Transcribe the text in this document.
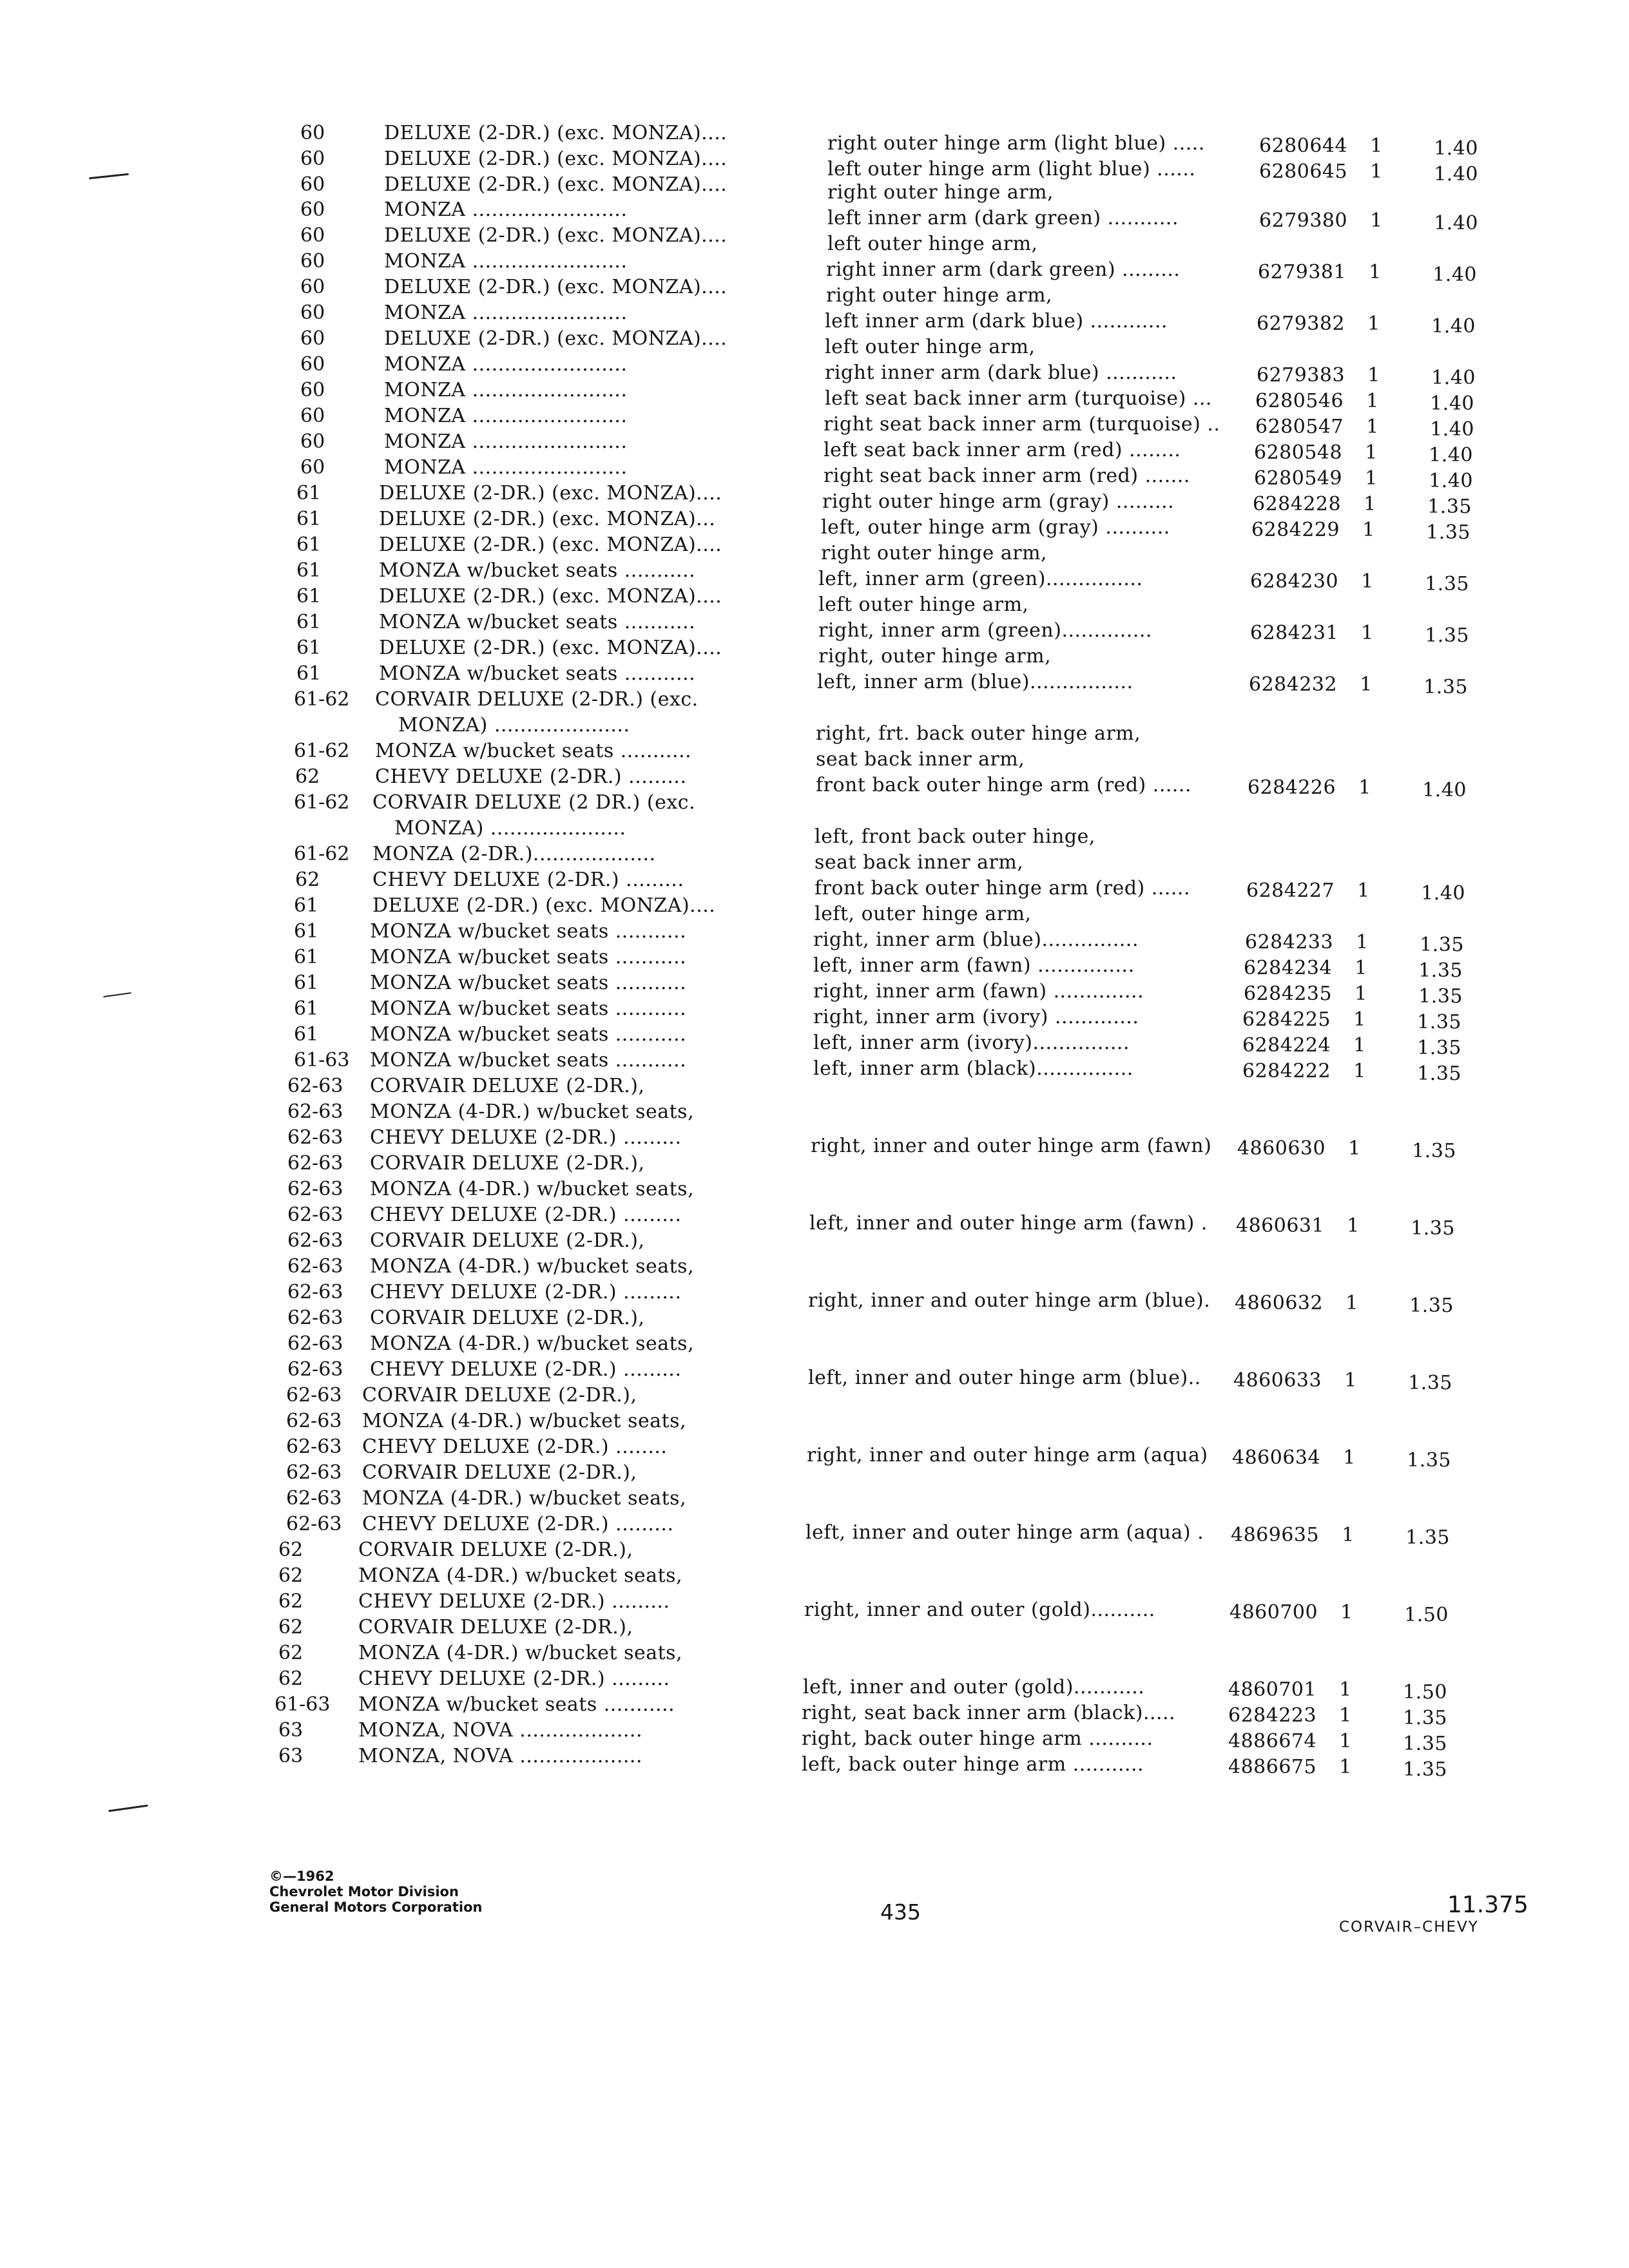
60	DELUXE (2-DR.) (exc. MONZA)....
60	DELUXE (2-DR.) (exc. MONZA)....
60	DELUXE (2-DR.) (exc. MONZA)....
60	MONZA ........................
60	DELUXE (2-DR.) (exc. MONZA)....
60	MONZA ........................
60	DELUXE (2-DR.) (exc. MONZA)....
60	MONZA ........................
60	DELUXE (2-DR.) (exc. MONZA)....
60	MONZA ........................
60	MONZA ........................
60	MONZA ........................
60	MONZA ........................
60	MONZA ........................
61	DELUXE (2-DR.) (exc. MONZA)....
61	DELUXE (2-DR.) (exc. MONZA)...
61	DELUXE (2-DR.) (exc. MONZA)....
61	MONZA w/bucket seats ...........
61	DELUXE (2-DR.) (exc. MONZA)....
61	MONZA w/bucket seats ...........
61	DELUXE (2-DR.) (exc. MONZA)....
61	MONZA w/bucket seats ...........
61-62 CORVAIR DELUXE (2-DR.) (exc.
MONZA) .....................
61-62 MONZA w/bucket seats ...........
62	CHEVY DELUXE (2-DR.) .........
61-62 CORVAIR DELUXE (2 DR.) (exc.
MONZA) .....................
61-62 MONZA (2-DR.)...................
62	CHEVY DELUXE (2-DR.) .........
61	DELUXE (2-DR.) (exc. MONZA)....
61	MONZA w/bucket seats ...........
61	MONZA w/bucket seats ...........
61	MONZA w/bucket seats ...........
61	MONZA w/bucket seats ...........
61	MONZA w/bucket seats ...........
61-63 MONZA w/bucket seats ...........
62-63 CORVAIR DELUXE (2-DR.),
62-63 MONZA (4-DR.) w/bucket seats,
62-63 CHEVY DELUXE (2-DR.) .........
62-63 CORVAIR DELUXE (2-DR.),
62-63 MONZA (4-DR.) w/bucket seats,
62-63 CHEVY DELUXE (2-DR.) .........
62-63 CORVAIR DELUXE (2-DR.),
62-63 MONZA (4-DR.) w/bucket seats,
62-63 CHEVY DELUXE (2-DR.) .........
62-63 CORVAIR DELUXE (2-DR.),
62-63 MONZA (4-DR.) w/bucket seats,
62-63 CHEVY DELUXE (2-DR.) .........
62-63 CORVAIR DELUXE (2-DR.),
62-63 MONZA (4-DR.) w/bucket seats,
62-63 CHEVY DELUXE (2-DR.) ........
62-63 CORVAIR DELUXE (2-DR.),
62-63 MONZA (4-DR.) w/bucket seats,
62-63 CHEVY DELUXE (2-DR.) .........
62	CORVAIR DELUXE (2-DR.),
62	MONZA (4-DR.) w/bucket seats,
62	CHEVY DELUXE (2-DR.) .........
62	CORVAIR DELUXE (2-DR.),
62	MONZA (4-DR.) w/bucket seats,
62	CHEVY DELUXE (2-DR.) .........
61-63 MONZA w/bucket seats ...........
63	MONZA, NOVA ...................
63	MONZA, NOVA ...................
right outer hinge arm (light blue) .....	6280644 1	1.40
left outer hinge arm (light blue) ......	6280645 1	1.40
right outer hinge arm,
left inner arm (dark green) ...........	6279380 1	1.40
left outer hinge arm,
right inner arm (dark green) .........	6279381 1	1.40
right outer hinge arm,
left inner arm (dark blue) ............	6279382 1	1.40
left outer hinge arm,
right inner arm (dark blue) ...........	6279383 1	1.40
left seat back inner arm (turquoise) ... 6280546 1	1.40
right seat back inner arm (turquoise) .. 6280547 1	1.40
left seat back inner arm (red) ........	6280548 1	1.40
right seat back inner arm (red) .......	6280549 1	1.40
right outer hinge arm (gray) .........	6284228 1	1.35
left, outer hinge arm (gray) ..........	6284229 1	1.35
right outer hinge arm,
left, inner arm (green)...............	6284230 1	1.35
left outer hinge arm,
right, inner arm (green)..............	6284231 1	1.35
right, outer hinge arm,
left, inner arm (blue)................	6284232 1	1.35
right, frt. back outer hinge arm,
seat back inner arm,
front back outer hinge arm (red) ......	6284226 1	1.40
left, front back outer hinge,
seat back inner arm,
front back outer hinge arm (red) ......	6284227 1	1.40
left, outer hinge arm,
right, inner arm (blue)...............	6284233 1	1.35
left, inner arm (fawn) ...............	6284234 1	1.35
right, inner arm (fawn) ..............	6284235 1	1.35
right, inner arm (ivory) .............	6284225 1	1.35
left, inner arm (ivory)...............	6284224 1	1.35
left, inner arm (black)...............	6284222 1	1.35
right, inner and outer hinge arm (fawn) 4860630 1	1.35
left, inner and outer hinge arm (fawn) . 4860631 1	1.35
right, inner and outer hinge arm (blue). 4860632 1	1.35
left, inner and outer hinge arm (blue).. 4860633 1	1.35
right, inner and outer hinge arm (aqua) 4860634 1	1.35
left, inner and outer hinge arm (aqua) . 4869635 1	1.35
right, inner and outer (gold)..........	4860700 1	1.50
left, inner and outer (gold)...........	4860701 1	1.50
right, seat back inner arm (black).....	6284223 1	1.35
right, back outer hinge arm ..........	4886674 1	1.35
left, back outer hinge arm ...........	4886675 1	1.35
©—1962
Chevrolet Motor Division
General Motors Corporation	435	11.375
CORVAIR–CHEVY
